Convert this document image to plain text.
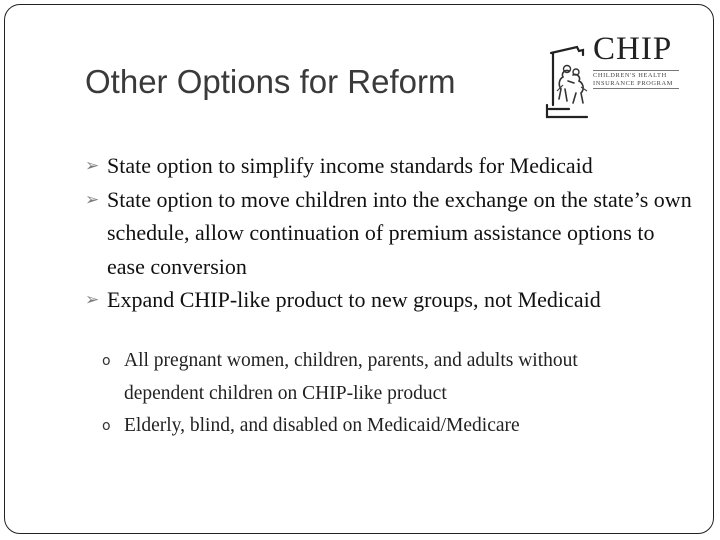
Other Options for Reform
CHIP
CHILDREN'S HEALTH INSURANCE PROGRAM
➢ State option to simplify income standards for Medicaid
➢ State option to move children into the exchange on the state’s own schedule, allow continuation of premium assistance options to ease conversion
➢ Expand CHIP-like product to new groups, not Medicaid
o All pregnant women, children, parents, and adults without dependent children on CHIP-like product
o Elderly, blind, and disabled on Medicaid/Medicare
